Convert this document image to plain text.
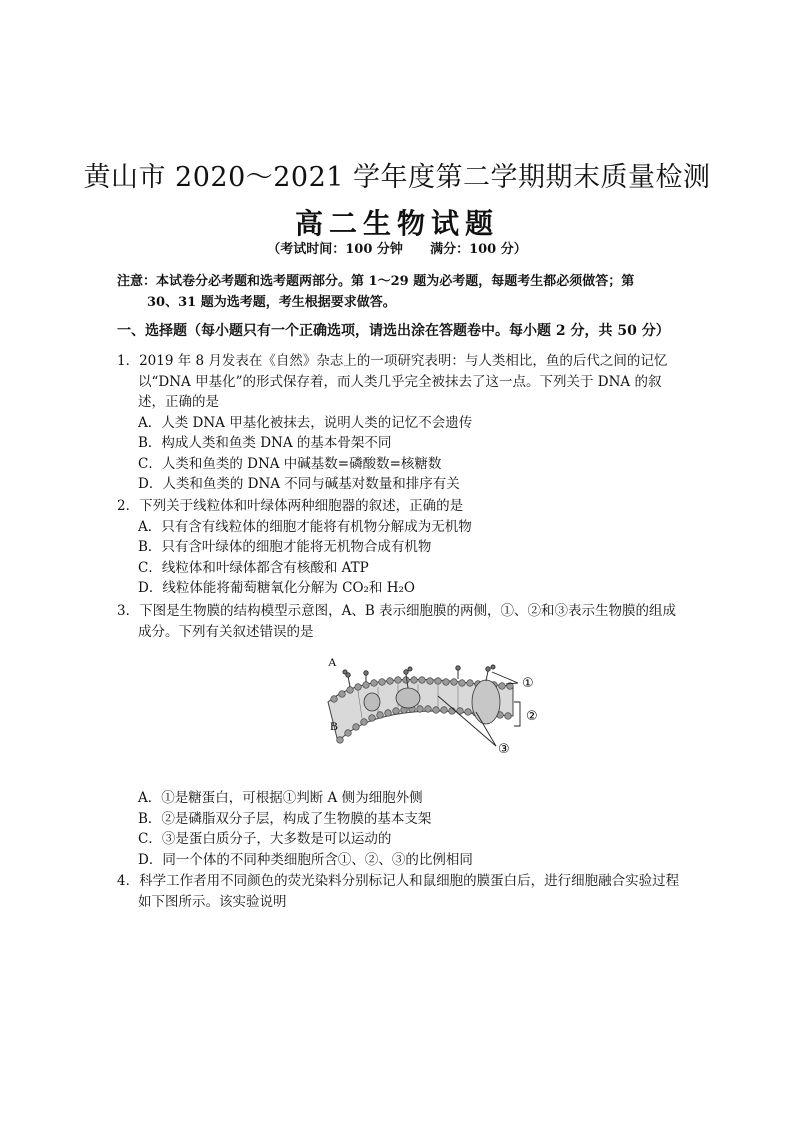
黄山市 2020～2021 学年度第二学期期末质量检测
高二生物试题
（考试时间：100 分钟 满分：100 分）
注意：本试卷分必考题和选考题两部分。第 1～29 题为必考题，每题考生都必须做答；第
30、31 题为选考题，考生根据要求做答。
一、选择题（每小题只有一个正确选项，请选出涂在答题卷中。每小题 2 分，共 50 分）
1．2019 年 8 月发表在《自然》杂志上的一项研究表明：与人类相比，鱼的后代之间的记忆以“DNA 甲基化”的形式保存着，而人类几乎完全被抹去了这一点。下列关于 DNA 的叙述，正确的是
A．人类 DNA 甲基化被抹去，说明人类的记忆不会遗传
B．构成人类和鱼类 DNA 的基本骨架不同
C．人类和鱼类的 DNA 中碱基数=磷酸数=核糖数
D．人类和鱼类的 DNA 不同与碱基对数量和排序有关
2．下列关于线粒体和叶绿体两种细胞器的叙述，正确的是
A．只有含有线粒体的细胞才能将有机物分解成为无机物
B．只有含叶绿体的细胞才能将无机物合成有机物
C．线粒体和叶绿体都含有核酸和 ATP
D．线粒体能将葡萄糖氧化分解为 CO₂和 H₂O
3．下图是生物膜的结构模型示意图，A、B 表示细胞膜的两侧，①、②和③表示生物膜的组成成分。下列有关叙述错误的是
A
B
①
②
③
A．①是糖蛋白，可根据①判断 A 侧为细胞外侧
B．②是磷脂双分子层，构成了生物膜的基本支架
C．③是蛋白质分子，大多数是可以运动的
D．同一个体的不同种类细胞所含①、②、③的比例相同
4．科学工作者用不同颜色的荧光染料分别标记人和鼠细胞的膜蛋白后，进行细胞融合实验过程如下图所示。该实验说明
